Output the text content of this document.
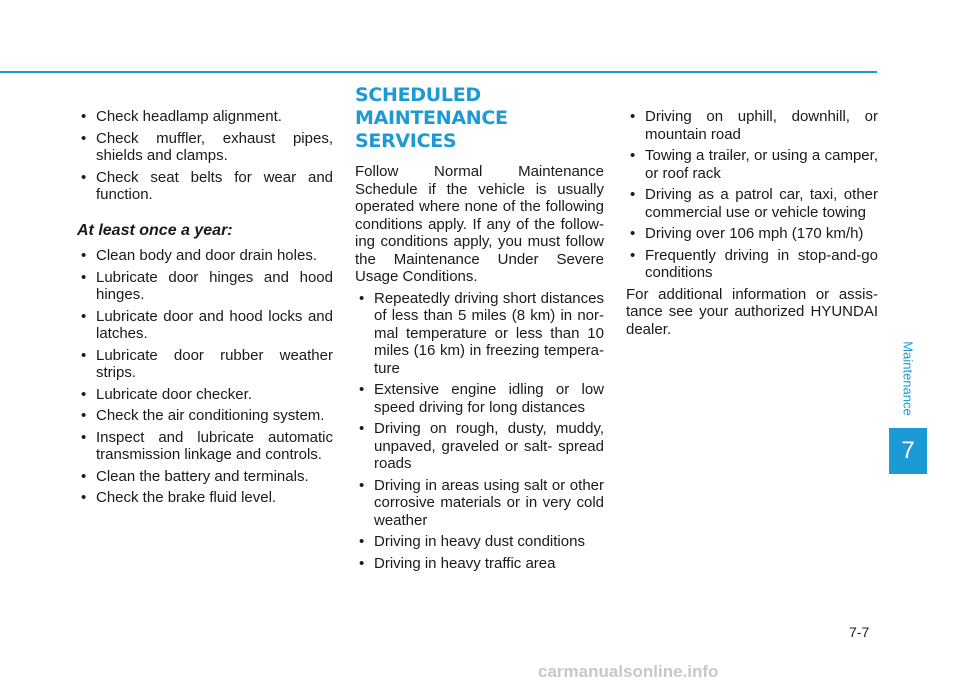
• Check headlamp alignment.
• Check muffler, exhaust pipes, shields and clamps.
• Check seat belts for wear and function.
At least once a year:
• Clean body and door drain holes.
• Lubricate door hinges and hood hinges.
• Lubricate door and hood locks and latches.
• Lubricate door rubber weather strips.
• Lubricate door checker.
• Check the air conditioning system.
• Inspect and lubricate automatic transmission linkage and controls.
• Clean the battery and terminals.
• Check the brake fluid level.
SCHEDULED MAINTENANCE
SERVICES

Follow Normal Maintenance Schedule if the vehicle is usually operated where none of the following conditions apply. If any of the follow-ing conditions apply, you must follow the Maintenance Under Severe Usage Conditions.

• Repeatedly driving short distances of less than 5 miles (8 km) in nor-mal temperature or less than 10 miles (16 km) in freezing tempera-ture
• Extensive engine idling or low speed driving for long distances
• Driving on rough, dusty, muddy, unpaved, graveled or salt- spread roads
• Driving in areas using salt or other corrosive materials or in very cold weather
• Driving in heavy dust conditions
• Driving in heavy traffic area
• Driving on uphill, downhill, or mountain road
• Towing a trailer, or using a camper, or roof rack
• Driving as a patrol car, taxi, other commercial use or vehicle towing
• Driving over 106 mph (170 km/h)
• Frequently driving in stop-and-go conditions

For additional information or assis-tance see your authorized HYUNDAI dealer.

Maintenance
7
7-7
carmanualsonline.info
